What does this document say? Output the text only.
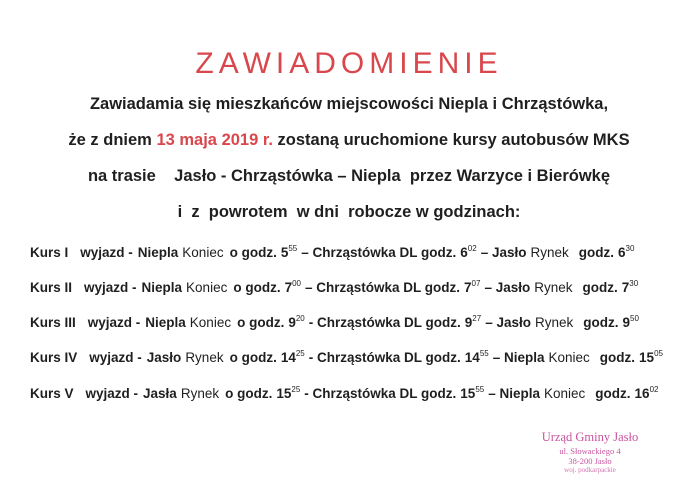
ZAWIADOMIENIE
Zawiadamia się mieszkańców miejscowości Niepla i Chrząstówka,
że z dniem 13 maja 2019 r. zostaną uruchomione kursy autobusów MKS
na trasie    Jasło - Chrząstówka – Niepla  przez Warzyce i Bierówkę
i  z  powrotem  w dni  robocze w godzinach:
Kurs I wyjazd - Niepla Koniec o godz. $5^{55}$ – Chrząstówka DL godz. $6^{02}$ – Jasło Rynek godz. $6^{30}$
Kurs II wyjazd - Niepla Koniec o godz. $7^{00}$ – Chrząstówka DL godz. $7^{07}$ – Jasło Rynek godz. $7^{30}$
Kurs III wyjazd - Niepla Koniec o godz. $9^{20}$ - Chrząstówka DL godz. $9^{27}$ – Jasło Rynek godz. $9^{50}$
Kurs IV wyjazd - Jasło Rynek o godz. $14^{25}$ - Chrząstówka DL godz. $14^{55}$ – Niepla Koniec godz. $15^{05}$
Kurs V wyjazd - Jasła Rynek o godz. $15^{25}$ - Chrząstówka DL godz. $15^{55}$ – Niepla Koniec godz. $16^{02}$
Urząd Gminy Jasło
ul. Słowackiego 4
38-200 Jasło
woj. podkarpackie
